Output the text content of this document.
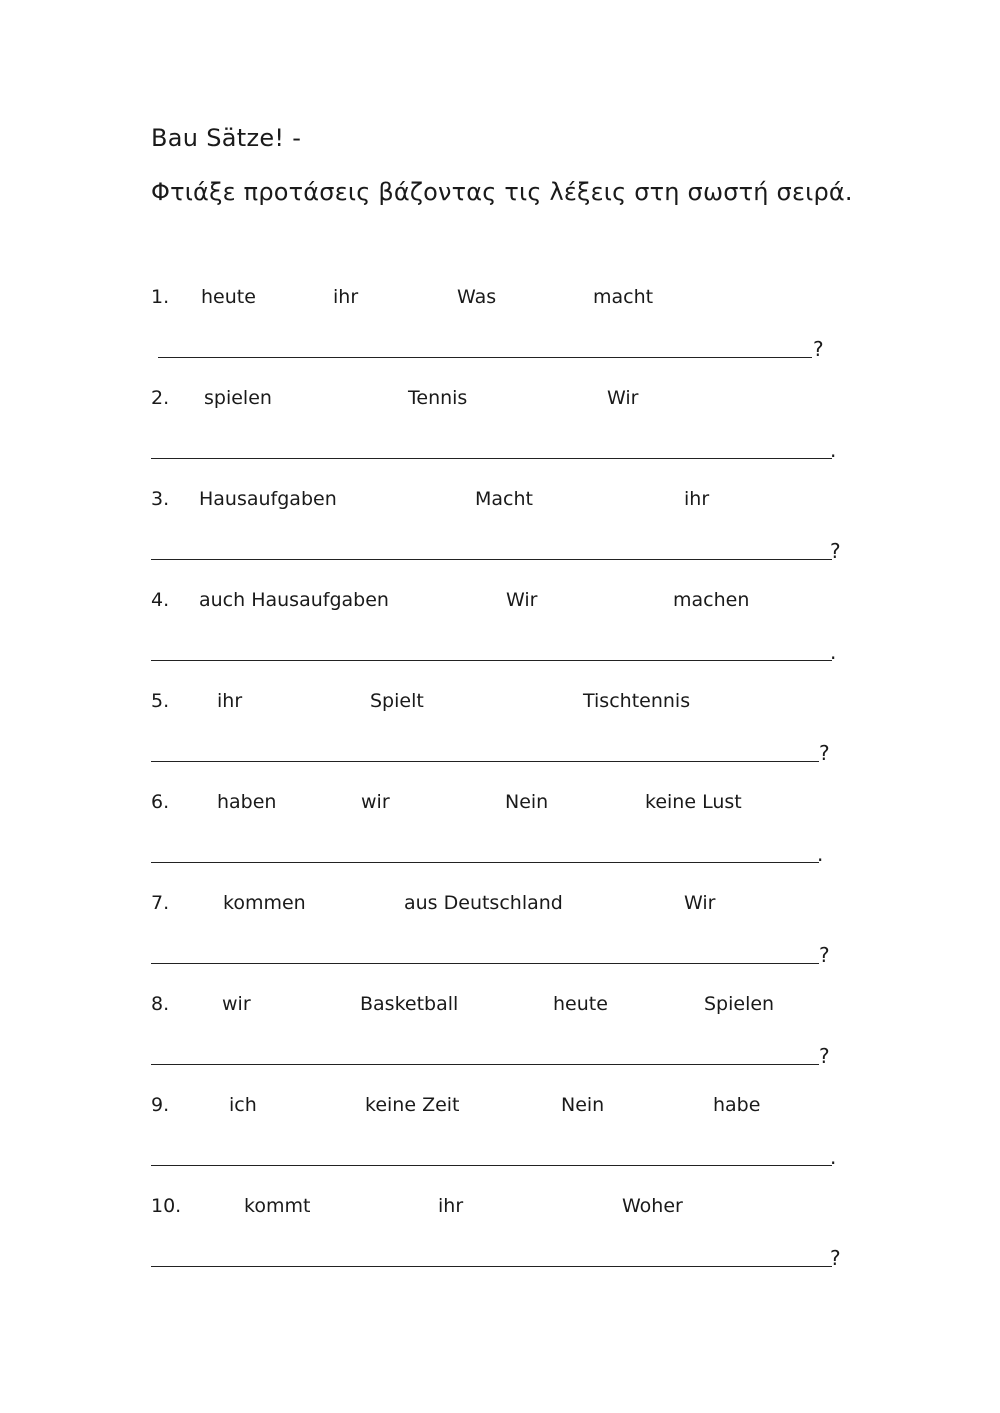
Bau Sätze! -
Φτιάξε προτάσεις βάζοντας τις λέξεις στη σωστή σειρά.
1. heute	ihr	Was	macht
?
2. spielen	Tennis	Wir
.
3. Hausaufgaben	Macht	ihr
?
4. auch Hausaufgaben	Wir	machen
.
5.	ihr	Spielt	Tischtennis
?
6.	haben	wir	Nein	keine Lust
.
7.	kommen	aus Deutschland	Wir
?
8.	wir	Basketball	heute	Spielen
?
9.	ich	keine Zeit	Nein	habe
.
10.	kommt	ihr	Woher
?
